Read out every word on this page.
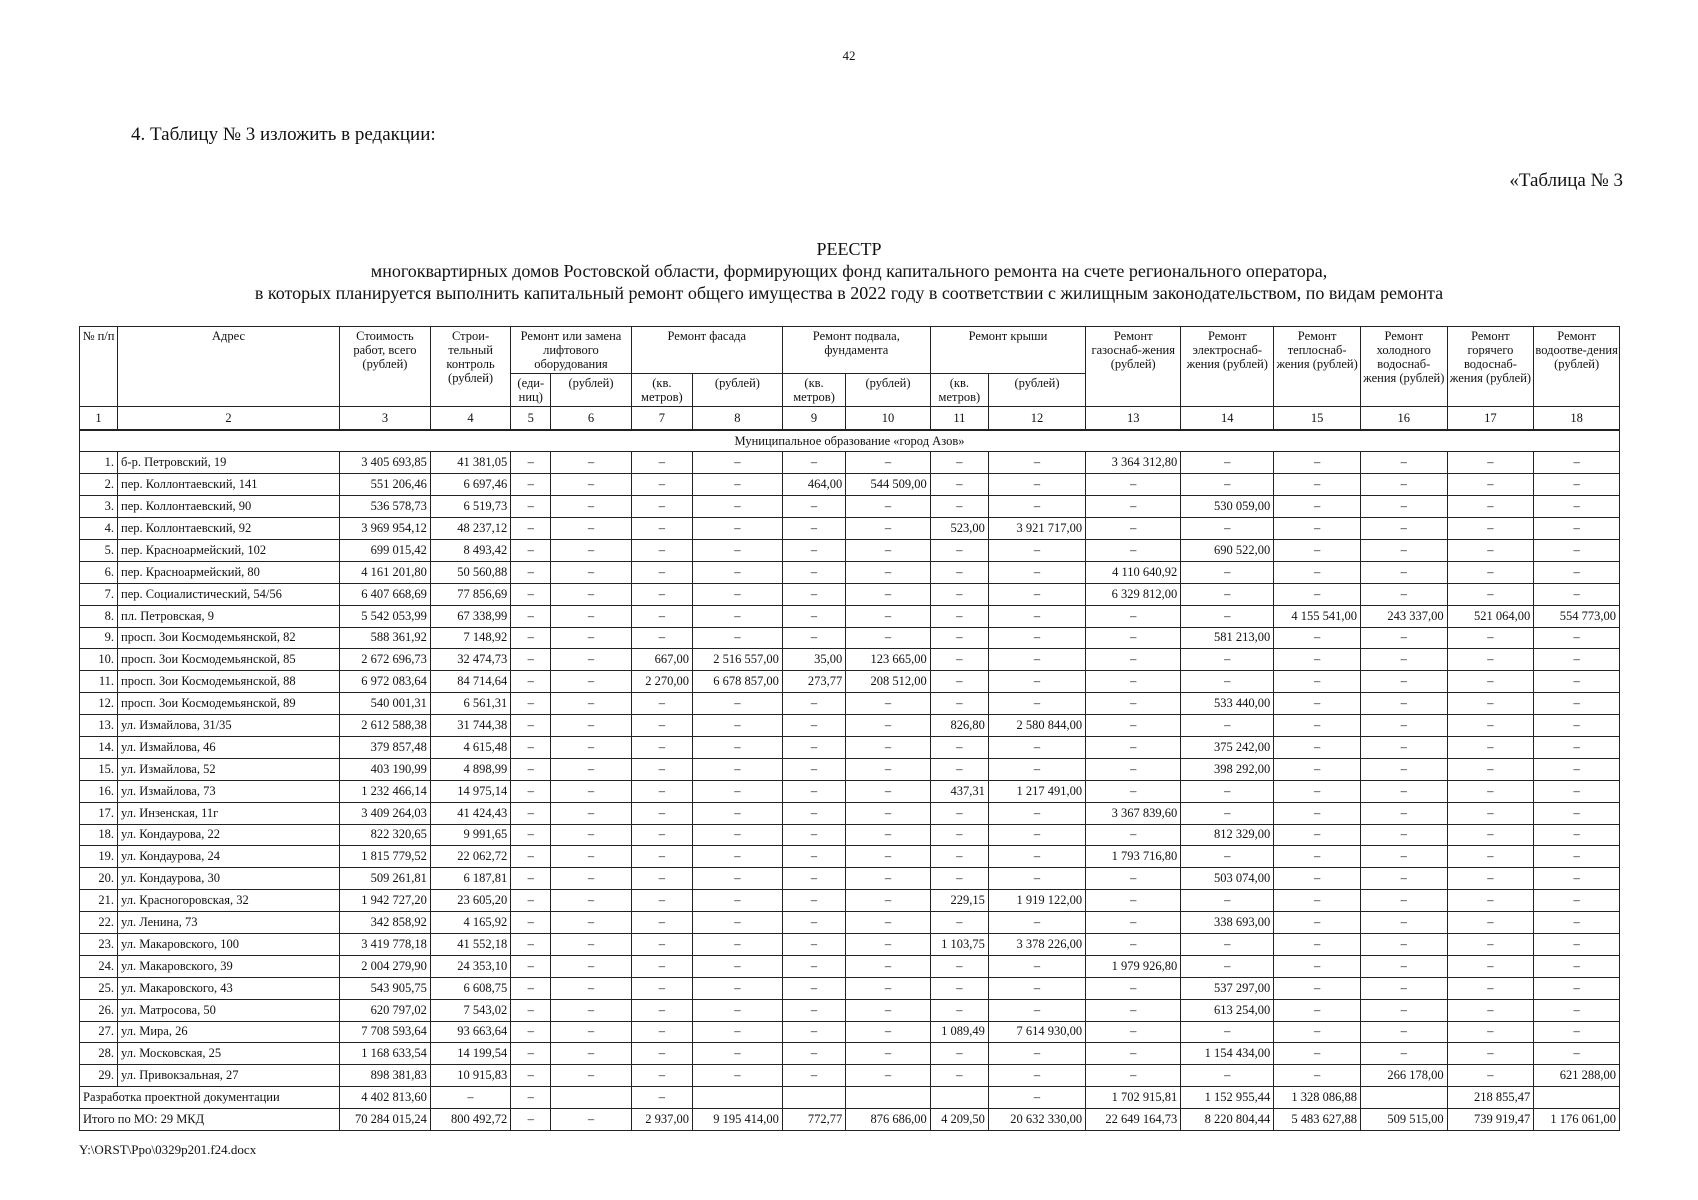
42
4. Таблицу № 3 изложить в редакции:
«Таблица № 3
РЕЕСТР
многоквартирных домов Ростовской области, формирующих фонд капитального ремонта на счете регионального оператора,
в которых планируется выполнить капитальный ремонт общего имущества в 2022 году в соответствии с жилищным законодательством, по видам ремонта
№ п/п	Адрес	Стоимость работ, всего (рублей)	Строи-тельный контроль (рублей)	Ремонт или замена лифтового оборудования		Ремонт фасада		Ремонт подвала, фундамента		Ремонт крыши		Ремонт газоснаб-жения (рублей)	Ремонт электроснаб-жения (рублей)	Ремонт теплоснаб-жения (рублей)	Ремонт холодного водоснаб-жения (рублей)	Ремонт горячего водоснаб-жения (рублей)	Ремонт водоотве-дения (рублей)
				(еди-ниц)	(рублей)	(кв. метров)	(рублей)	(кв. метров)	(рублей)	(кв. метров)	(рублей)						
1	2	3	4	5	6	7	8	9	10	11	12	13	14	15	16	17	18
Муниципальное образование «город Азов»																	
1.	б-р. Петровский, 19	3 405 693,85	41 381,05	–	–	–	–	–	–	–	–	3 364 312,80	–	–	–	–	–
2.	пер. Коллонтаевский, 141	551 206,46	6 697,46	–	–	–	–	464,00	544 509,00	–	–	–	–	–	–	–	–
3.	пер. Коллонтаевский, 90	536 578,73	6 519,73	–	–	–	–	–	–	–	–	–	530 059,00	–	–	–	–
4.	пер. Коллонтаевский, 92	3 969 954,12	48 237,12	–	–	–	–	–	–	523,00	3 921 717,00	–	–	–	–	–	–
5.	пер. Красноармейский, 102	699 015,42	8 493,42	–	–	–	–	–	–	–	–	–	690 522,00	–	–	–	–
6.	пер. Красноармейский, 80	4 161 201,80	50 560,88	–	–	–	–	–	–	–	–	4 110 640,92	–	–	–	–	–
7.	пер. Социалистический, 54/56	6 407 668,69	77 856,69	–	–	–	–	–	–	–	–	6 329 812,00	–	–	–	–	–
8.	пл. Петровская, 9	5 542 053,99	67 338,99	–	–	–	–	–	–	–	–	–	–	4 155 541,00	243 337,00	521 064,00	554 773,00
9.	просп. Зои Космодемьянской, 82	588 361,92	7 148,92	–	–	–	–	–	–	–	–	–	581 213,00	–	–	–	–
10.	просп. Зои Космодемьянской, 85	2 672 696,73	32 474,73	–	–	667,00	2 516 557,00	35,00	123 665,00	–	–	–	–	–	–	–	–
11.	просп. Зои Космодемьянской, 88	6 972 083,64	84 714,64	–	–	2 270,00	6 678 857,00	273,77	208 512,00	–	–	–	–	–	–	–	–
12.	просп. Зои Космодемьянской, 89	540 001,31	6 561,31	–	–	–	–	–	–	–	–	–	533 440,00	–	–	–	–
13.	ул. Измайлова, 31/35	2 612 588,38	31 744,38	–	–	–	–	–	–	826,80	2 580 844,00	–	–	–	–	–	–
14.	ул. Измайлова, 46	379 857,48	4 615,48	–	–	–	–	–	–	–	–	–	375 242,00	–	–	–	–
15.	ул. Измайлова, 52	403 190,99	4 898,99	–	–	–	–	–	–	–	–	–	398 292,00	–	–	–	–
16.	ул. Измайлова, 73	1 232 466,14	14 975,14	–	–	–	–	–	–	437,31	1 217 491,00	–	–	–	–	–	–
17.	ул. Инзенская, 11г	3 409 264,03	41 424,43	–	–	–	–	–	–	–	–	3 367 839,60	–	–	–	–	–
18.	ул. Кондаурова, 22	822 320,65	9 991,65	–	–	–	–	–	–	–	–	–	812 329,00	–	–	–	–
19.	ул. Кондаурова, 24	1 815 779,52	22 062,72	–	–	–	–	–	–	–	–	1 793 716,80	–	–	–	–	–
20.	ул. Кондаурова, 30	509 261,81	6 187,81	–	–	–	–	–	–	–	–	–	503 074,00	–	–	–	–
21.	ул. Красногоровская, 32	1 942 727,20	23 605,20	–	–	–	–	–	–	229,15	1 919 122,00	–	–	–	–	–	–
22.	ул. Ленина, 73	342 858,92	4 165,92	–	–	–	–	–	–	–	–	–	338 693,00	–	–	–	–
23.	ул. Макаровского, 100	3 419 778,18	41 552,18	–	–	–	–	–	–	1 103,75	3 378 226,00	–	–	–	–	–	–
24.	ул. Макаровского, 39	2 004 279,90	24 353,10	–	–	–	–	–	–	–	–	1 979 926,80	–	–	–	–	–
25.	ул. Макаровского, 43	543 905,75	6 608,75	–	–	–	–	–	–	–	–	–	537 297,00	–	–	–	–
26.	ул. Матросова, 50	620 797,02	7 543,02	–	–	–	–	–	–	–	–	–	613 254,00	–	–	–	–
27.	ул. Мира, 26	7 708 593,64	93 663,64	–	–	–	–	–	–	1 089,49	7 614 930,00	–	–	–	–	–	–
28.	ул. Московская, 25	1 168 633,54	14 199,54	–	–	–	–	–	–	–	–	–	1 154 434,00	–	–	–	–
29.	ул. Привокзальная, 27	898 381,83	10 915,83	–	–	–	–	–	–	–	–	–	–	–	266 178,00	–	621 288,00
Разработка проектной документации		4 402 813,60	–	–		–					–	1 702 915,81	1 152 955,44	1 328 086,88		218 855,47	
Итого по МО: 29 МКД		70 284 015,24	800 492,72	–	–	2 937,00	9 195 414,00	772,77	876 686,00	4 209,50	20 632 330,00	22 649 164,73	8 220 804,44	5 483 627,88	509 515,00	739 919,47	1 176 061,00
Y:\ORST\Ppo\0329p201.f24.docx
